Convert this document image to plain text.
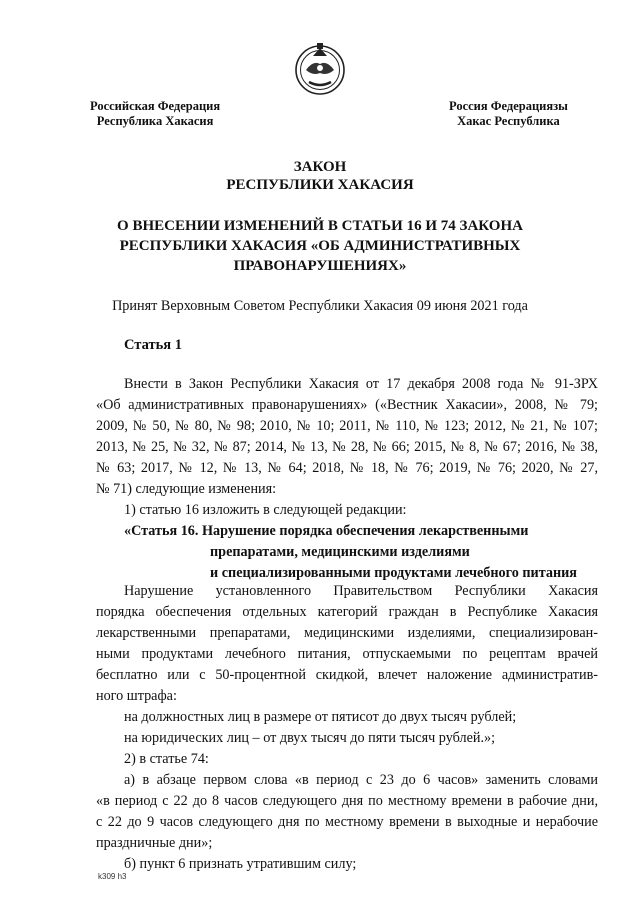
Российская Федерация
Республика Хакасия
Россия Федерациязы
Хакас Республика
ЗАКОН
РЕСПУБЛИКИ ХАКАСИЯ
О ВНЕСЕНИИ ИЗМЕНЕНИЙ В СТАТЬИ 16 И 74 ЗАКОНА
РЕСПУБЛИКИ ХАКАСИЯ «ОБ АДМИНИСТРАТИВНЫХ
ПРАВОНАРУШЕНИЯХ»
Принят Верховным Советом Республики Хакасия 09 июня 2021 года
Статья 1
Внести в Закон Республики Хакасия от 17 декабря 2008 года № 91-ЗРХ
«Об административных правонарушениях» («Вестник Хакасии», 2008, № 79;
2009, № 50, № 80, № 98; 2010, № 10; 2011, № 110, № 123; 2012, № 21, № 107;
2013, № 25, № 32, № 87; 2014, № 13, № 28, № 66; 2015, № 8, № 67; 2016, № 38,
№ 63; 2017, № 12, № 13, № 64; 2018, № 18, № 76; 2019, № 76; 2020, № 27,
№ 71) следующие изменения:
1) статью 16 изложить в следующей редакции:
«Статья 16. Нарушение порядка обеспечения лекарственными
препаратами, медицинскими изделиями
и специализированными продуктами лечебного питания
Нарушение установленного Правительством Республики Хакасия
порядка обеспечения отдельных категорий граждан в Республике Хакасия
лекарственными препаратами, медицинскими изделиями, специализирован-
ными продуктами лечебного питания, отпускаемыми по рецептам врачей
бесплатно или с 50-процентной скидкой, влечет наложение административ-
ного штрафа:
на должностных лиц в размере от пятисот до двух тысяч рублей;
на юридических лиц – от двух тысяч до пяти тысяч рублей.»;
2) в статье 74:
а) в абзаце первом слова «в период с 23 до 6 часов» заменить словами
«в период с 22 до 8 часов следующего дня по местному времени в рабочие дни,
с 22 до 9 часов следующего дня по местному времени в выходные и нерабочие
праздничные дни»;
б) пункт 6 признать утратившим силу;
k309 h3
